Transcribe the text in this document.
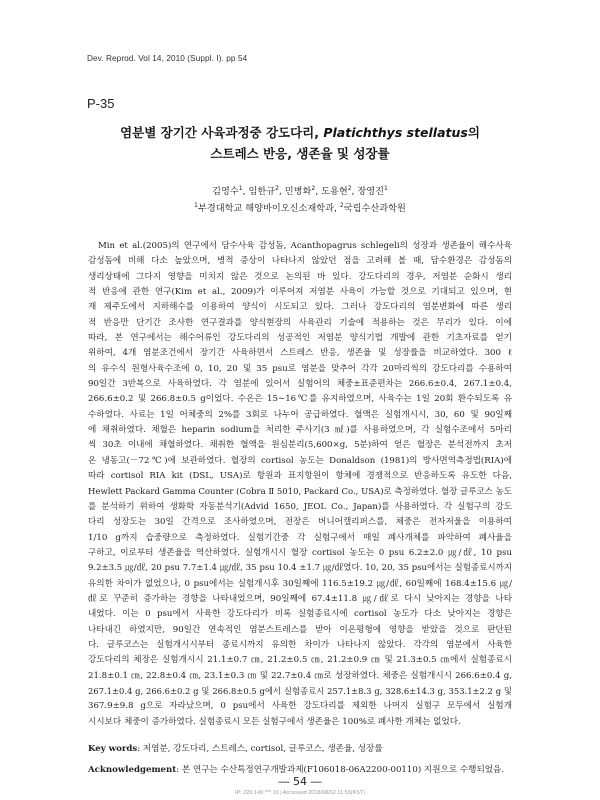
Dev. Reprod. Vol 14, 2010 (Suppl. I). pp 54
P-35
염분별 장기간 사육과정중 강도다리, Platichthys stellatus의
스트레스 반응, 생존율 및 성장률
김영수$^1$, 임한규$^2$, 민병화$^2$, 도용현$^2$, 장영진$^1$
$^1$부경대학교 해양바이오신소재학과, $^2$국립수산과학원
Min et al.(2005)의 연구에서 담수사육 감성돔, Acanthopagrus schlegeli의 성장과 생존율이 해수사육
감성돔에 비해 다소 높았으며, 병적 증상이 나타나지 않았던 점을 고려해 볼 때, 담수환경은 감성돔의
생리상태에 그다지 영향을 미치지 않은 것으로 논의된 바 있다. 강도다리의 경우, 저염분 순화시 생리
적 반응에 관한 연구(Kim et al., 2009)가 이루어져 저염분 사육이 가능할 것으로 기대되고 있으며, 현
재 제주도에서 지하해수를 이용하여 양식이 시도되고 있다. 그러나 강도다리의 염분변화에 따른 생리
적 반응만 단기간 조사한 연구결과를 양식현장의 사육관리 기술에 적용하는 것은 무리가 있다. 이에
따라, 본 연구에서는 해수어류인 강도다리의 성공적인 저염분 양식기법 개발에 관한 기초자료를 얻기
위하여, 4개 염분조건에서 장기간 사육하면서 스트레스 반응, 생존율 및 성장률을 비교하였다. 300 ℓ
의 유수식 원형사육수조에 0, 10, 20 및 35 psu로 염분을 맞추어 각각 20마리씩의 강도다리를 수용하여
90일간 3반복으로 사육하였다. 각 염분에 있어서 실험어의 체중±표준편차는 266.6±0.4, 267.1±0.4,
266.6±0.2 및 266.8±0.5 g이었다. 수온은 15∼16℃를 유지하였으며, 사육수는 1일 20회 환수되도록 유
수하였다. 사료는 1일 어체중의 2%를 3회로 나누어 공급하였다. 혈액은 실험개시시, 30, 60 및 90일째
에 채취하였다. 채혈은 heparin sodium을 처리한 주사기(3 ㎖)를 사용하였으며, 각 실험수조에서 5마리
씩 30초 이내에 채혈하였다. 채취한 혈액을 원심분리(5,600×g, 5분)하여 얻은 혈장은 분석전까지 초저
온 냉동고(－72℃)에 보관하였다. 혈장의 cortisol 농도는 Donaldson (1981)의 방사면역측정법(RIA)에
따라 cortisol RIA kit (DSL, USA)로 항원과 표지항원이 항체에 경쟁적으로 반응하도록 유도한 다음,
Hewlett Packard Gamma Counter (Cobra Ⅱ 5010, Packard Co., USA)로 측정하였다. 혈장 글루코스 농도
를 분석하기 위하여 생화학 자동분석기(Advid 1650, JEOL Co., Japan)를 사용하였다. 각 실험구의 강도
다리 성장도는 30일 간격으로 조사하였으며, 전장은 버니어캘리퍼스를, 체중은 전자저울을 이용하여
1/10 g까지 습중량으로 측정하였다. 실험기간중 각 실험구에서 매일 폐사개체를 파악하여 폐사율을
구하고, 이로부터 생존율을 역산하였다. 실험개시시 혈장 cortisol 농도는 0 psu 6.2±2.0 ㎍/㎗, 10 psu
9.2±3.5 ㎍/㎗, 20 psu 7.7±1.4 ㎍/㎗, 35 psu 10.4 ±1.7 ㎍/㎗였다. 10, 20, 35 psu에서는 실험종료시까지
유의한 차이가 없었으나, 0 psu에서는 실험개시후 30일째에 116.5±19.2 ㎍/㎗, 60일째에 168.4±15.6 ㎍/
㎗로 꾸준히 증가하는 경향을 나타내었으며, 90일째에 67.4±11.8 ㎍/㎗로 다시 낮아지는 경향을 나타
내었다. 이는 0 psu에서 사육한 강도다리가 비록 실험종료시에 cortisol 농도가 다소 낮아지는 경향은
나타내긴 하였지만, 90일간 연속적인 염분스트레스를 받아 이온평형에 영향을 받았을 것으로 판단된
다. 글루코스는 실험개시시부터 종료시까지 유의한 차이가 나타나지 않았다. 각각의 염분에서 사육한
강도다리의 체장은 실험개시시 21.1±0.7 ㎝, 21.2±0.5 ㎝, 21.2±0.9 ㎝ 및 21.3±0.5 ㎝에서 실험종료시
21.8±0.1 ㎝, 22.8±0.4 ㎝, 23.1±0.3 ㎝ 및 22.7±0.4 ㎝로 성장하였다. 체중은 실험개시시 266.6±0.4 g,
267.1±0.4 g, 266.6±0.2 g 및 266.8±0.5 g에서 실험종료시 257.1±8.3 g, 328.6±14.3 g, 353.1±2.2 g 및
367.9±9.8 g으로 자라났으며, 0 psu에서 사육한 강도다리를 제외한 나머지 실험구 모두에서 실험개
시시보다 체중이 증가하였다. 실험종료시 모든 실험구에서 생존율은 100%로 폐사한 개체는 없었다.
Key words: 저염분, 강도다리, 스트레스, cortisol, 글루코스, 생존율, 성장률
Acknowledgement: 본 연구는 수산특정연구개발과제(F106018-06A2200-00110) 지원으로 수행되었음.
― 54 ―
IP: 220.149.***.10 | Accessed 2018/08/02 11:53(KST)
